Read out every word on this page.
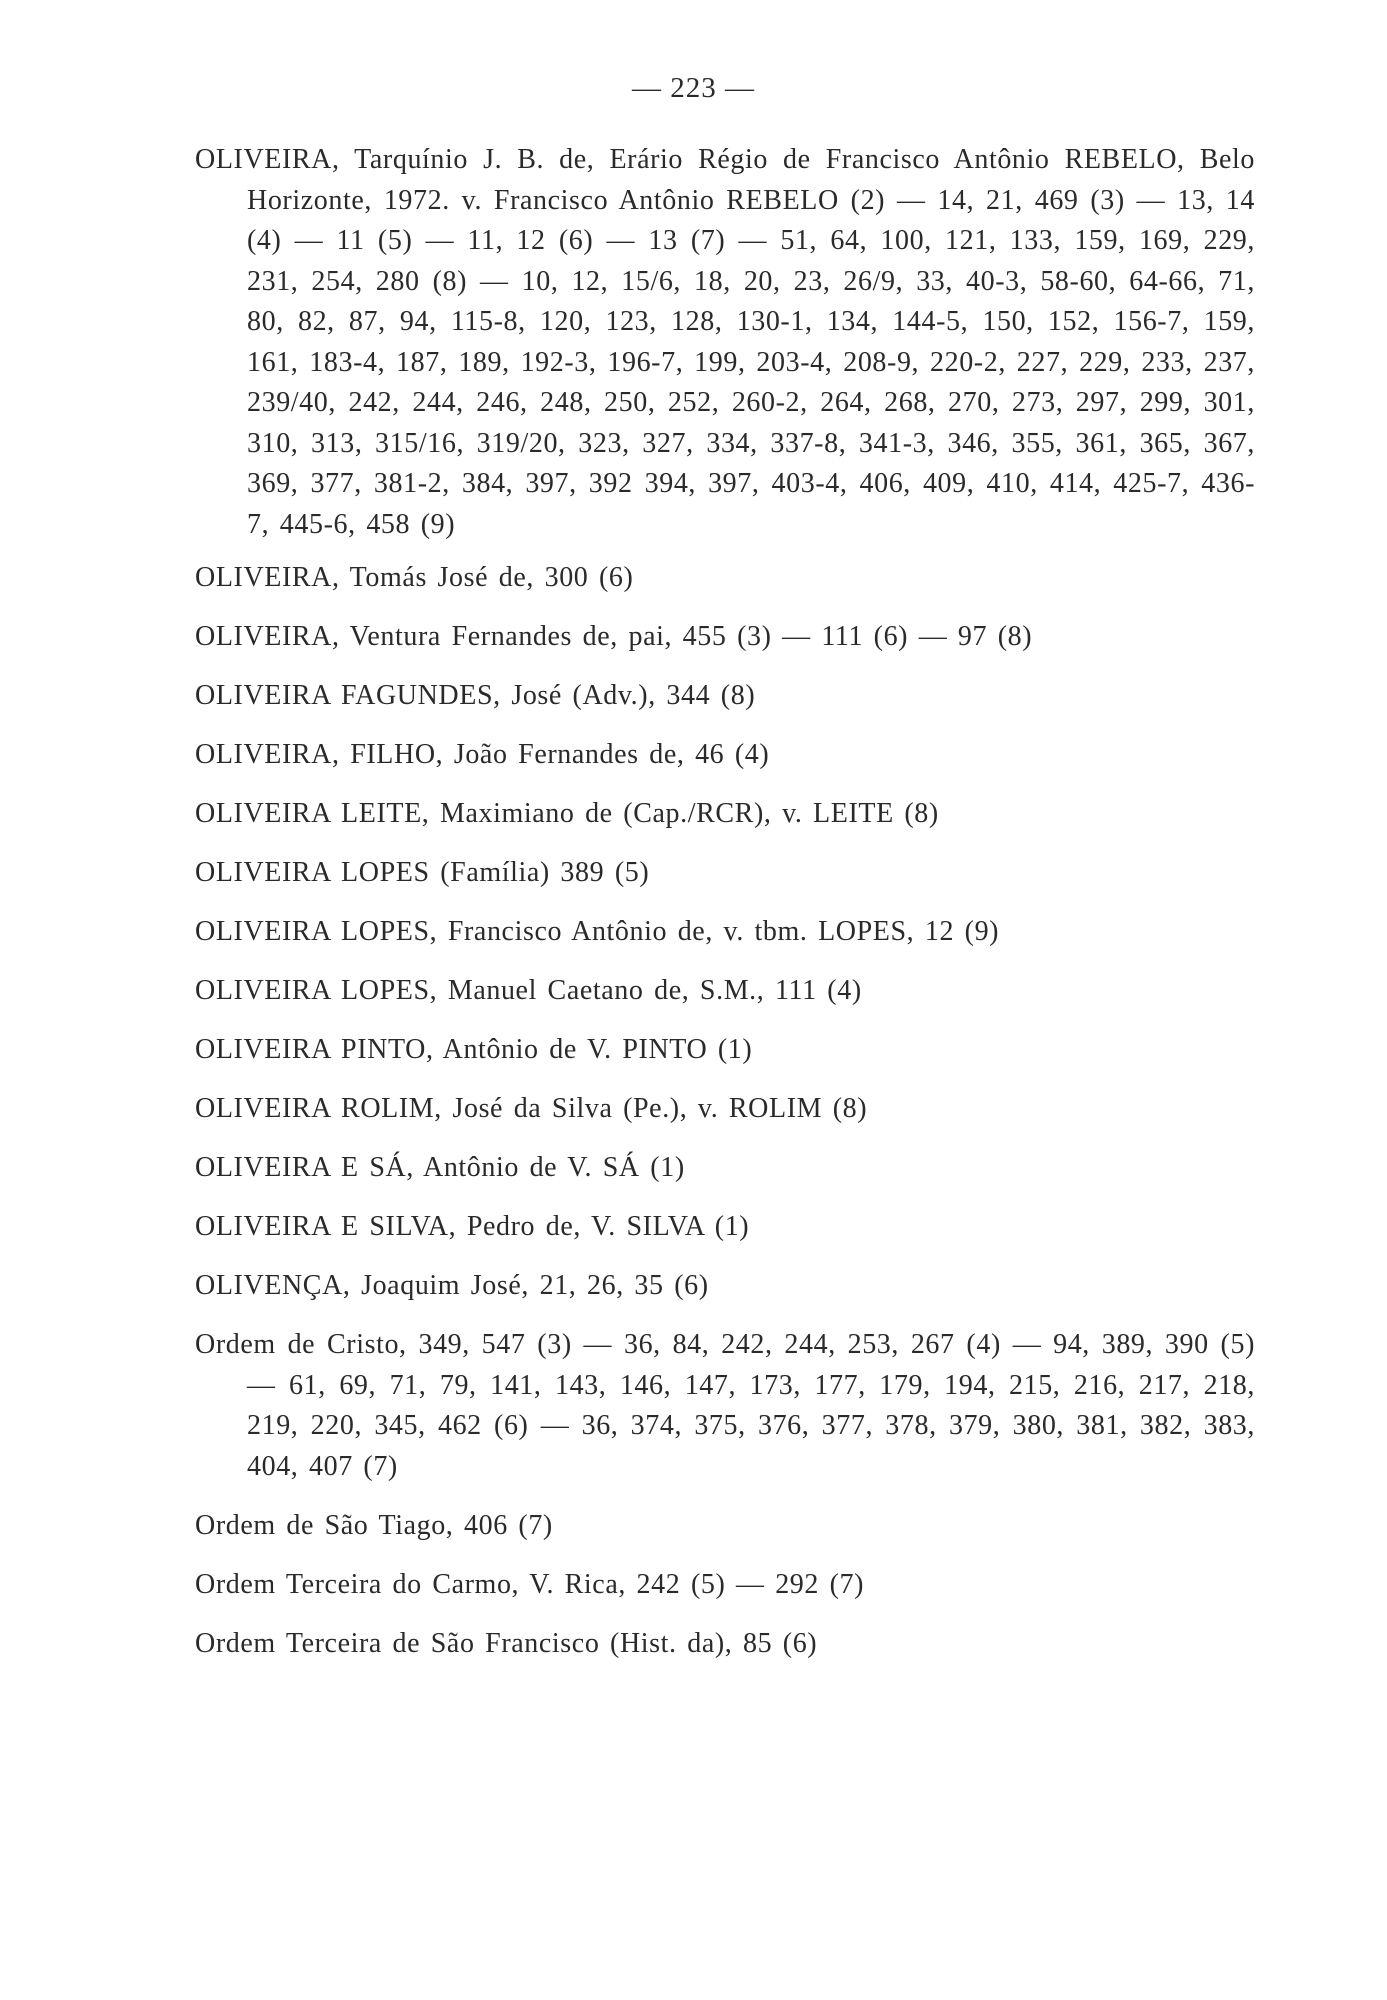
— 223 —

OLIVEIRA, Tarquínio J. B. de, Erário Régio de Francisco Antônio REBELO, Belo Horizonte, 1972. v. Francisco Antônio REBELO (2) — 14, 21, 469 (3) — 13, 14 (4) — 11 (5) — 11, 12 (6) — 13 (7) — 51, 64, 100, 121, 133, 159, 169, 229, 231, 254, 280 (8) — 10, 12, 15/6, 18, 20, 23, 26/9, 33, 40-3, 58-60, 64-66, 71, 80, 82, 87, 94, 115-8, 120, 123, 128, 130-1, 134, 144-5, 150, 152, 156-7, 159, 161, 183-4, 187, 189, 192-3, 196-7, 199, 203-4, 208-9, 220-2, 227, 229, 233, 237, 239/40, 242, 244, 246, 248, 250, 252, 260-2, 264, 268, 270, 273, 297, 299, 301, 310, 313, 315/16, 319/20, 323, 327, 334, 337-8, 341-3, 346, 355, 361, 365, 367, 369, 377, 381-2, 384, 397, 392 394, 397, 403-4, 406, 409, 410, 414, 425-7, 436-7, 445-6, 458 (9)

OLIVEIRA, Tomás José de, 300 (6)

OLIVEIRA, Ventura Fernandes de, pai, 455 (3) — 111 (6) — 97 (8)

OLIVEIRA FAGUNDES, José (Adv.), 344 (8)

OLIVEIRA, FILHO, João Fernandes de, 46 (4)

OLIVEIRA LEITE, Maximiano de (Cap./RCR), v. LEITE (8)

OLIVEIRA LOPES (Família) 389 (5)

OLIVEIRA LOPES, Francisco Antônio de, v. tbm. LOPES, 12 (9)

OLIVEIRA LOPES, Manuel Caetano de, S.M., 111 (4)

OLIVEIRA PINTO, Antônio de V. PINTO (1)

OLIVEIRA ROLIM, José da Silva (Pe.), v. ROLIM (8)

OLIVEIRA E SÁ, Antônio de V. SÁ (1)

OLIVEIRA E SILVA, Pedro de, V. SILVA (1)

OLIVENÇA, Joaquim José, 21, 26, 35 (6)

Ordem de Cristo, 349, 547 (3) — 36, 84, 242, 244, 253, 267 (4) — 94, 389, 390 (5) — 61, 69, 71, 79, 141, 143, 146, 147, 173, 177, 179, 194, 215, 216, 217, 218, 219, 220, 345, 462 (6) — 36, 374, 375, 376, 377, 378, 379, 380, 381, 382, 383, 404, 407 (7)

Ordem de São Tiago, 406 (7)

Ordem Terceira do Carmo, V. Rica, 242 (5) — 292 (7)

Ordem Terceira de São Francisco (Hist. da), 85 (6)
